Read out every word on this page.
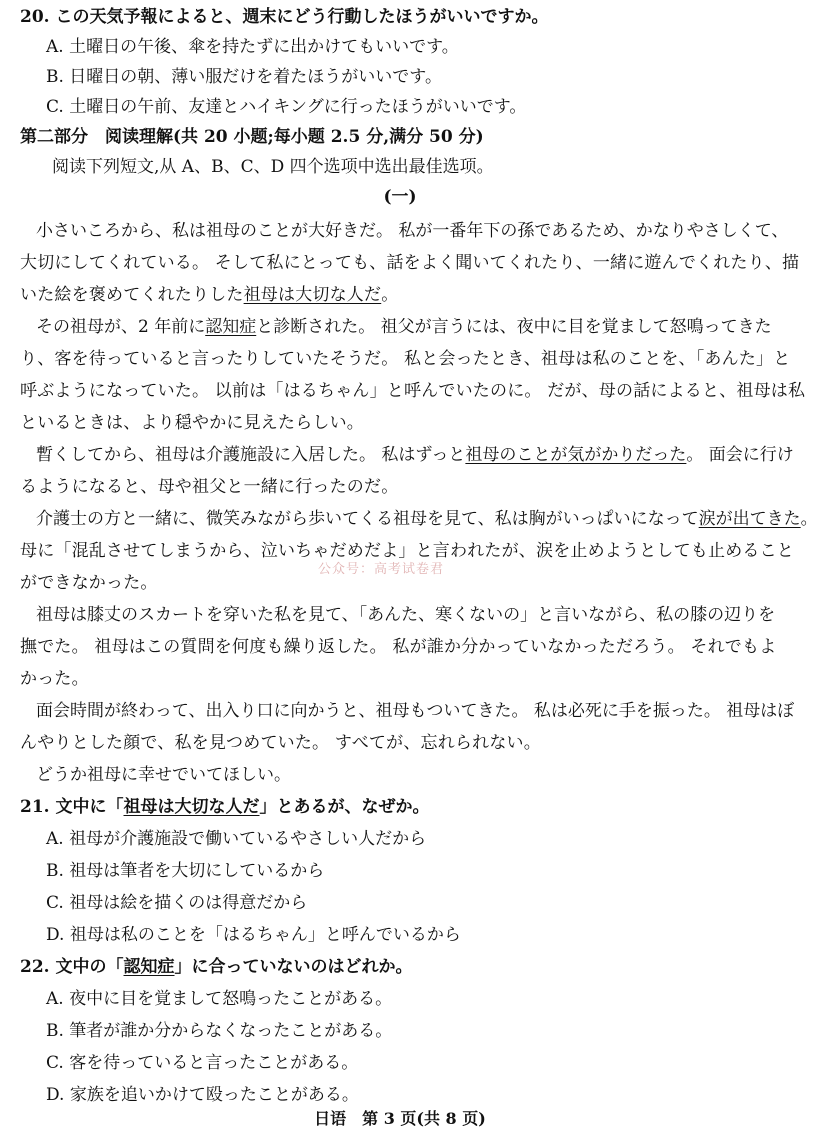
20. この天気予報によると、週末にどう行動したほうがいいですか。
A. 土曜日の午後、傘を持たずに出かけてもいいです。
B. 日曜日の朝、薄い服だけを着たほうがいいです。
C. 土曜日の午前、友達とハイキングに行ったほうがいいです。
第二部分　阅读理解(共 20 小题;每小题 2.5 分,满分 50 分)
阅读下列短文,从 A、B、C、D 四个选项中选出最佳选项。
(一)
小さいころから、私は祖母のことが大好きだ。 私が一番年下の孫であるため、かなりやさしくて、
大切にしてくれている。 そして私にとっても、話をよく聞いてくれたり、一緒に遊んでくれたり、描
いた絵を褒めてくれたりした祖母は大切な人だ。
その祖母が、2 年前に認知症と診断された。 祖父が言うには、夜中に目を覚まして怒鳴ってきた
り、客を待っていると言ったりしていたそうだ。 私と会ったとき、祖母は私のことを、「あんた」と
呼ぶようになっていた。 以前は「はるちゃん」と呼んでいたのに。 だが、母の話によると、祖母は私
といるときは、より穏やかに見えたらしい。
暫くしてから、祖母は介護施設に入居した。 私はずっと祖母のことが気がかりだった。 面会に行け
るようになると、母や祖父と一緒に行ったのだ。
介護士の方と一緒に、微笑みながら歩いてくる祖母を見て、私は胸がいっぱいになって涙が出てきた。
母に「混乱させてしまうから、泣いちゃだめだよ」と言われたが、涙を止めようとしても止めること
ができなかった。
祖母は膝丈のスカートを穿いた私を見て、「あんた、寒くないの」と言いながら、私の膝の辺りを
撫でた。 祖母はこの質問を何度も繰り返した。 私が誰か分かっていなかっただろう。 それでもよ
かった。
面会時間が終わって、出入り口に向かうと、祖母もついてきた。 私は必死に手を振った。 祖母はぼ
んやりとした顔で、私を見つめていた。 すべてが、忘れられない。
どうか祖母に幸せでいてほしい。
21. 文中に「祖母は大切な人だ」とあるが、なぜか。
A. 祖母が介護施設で働いているやさしい人だから
B. 祖母は筆者を大切にしているから
C. 祖母は絵を描くのは得意だから
D. 祖母は私のことを「はるちゃん」と呼んでいるから
22. 文中の「認知症」に合っていないのはどれか。
A. 夜中に目を覚まして怒鳴ったことがある。
B. 筆者が誰か分からなくなったことがある。
C. 客を待っていると言ったことがある。
D. 家族を追いかけて殴ったことがある。
公众号：高考试卷君
日语　第 3 页(共 8 页)
